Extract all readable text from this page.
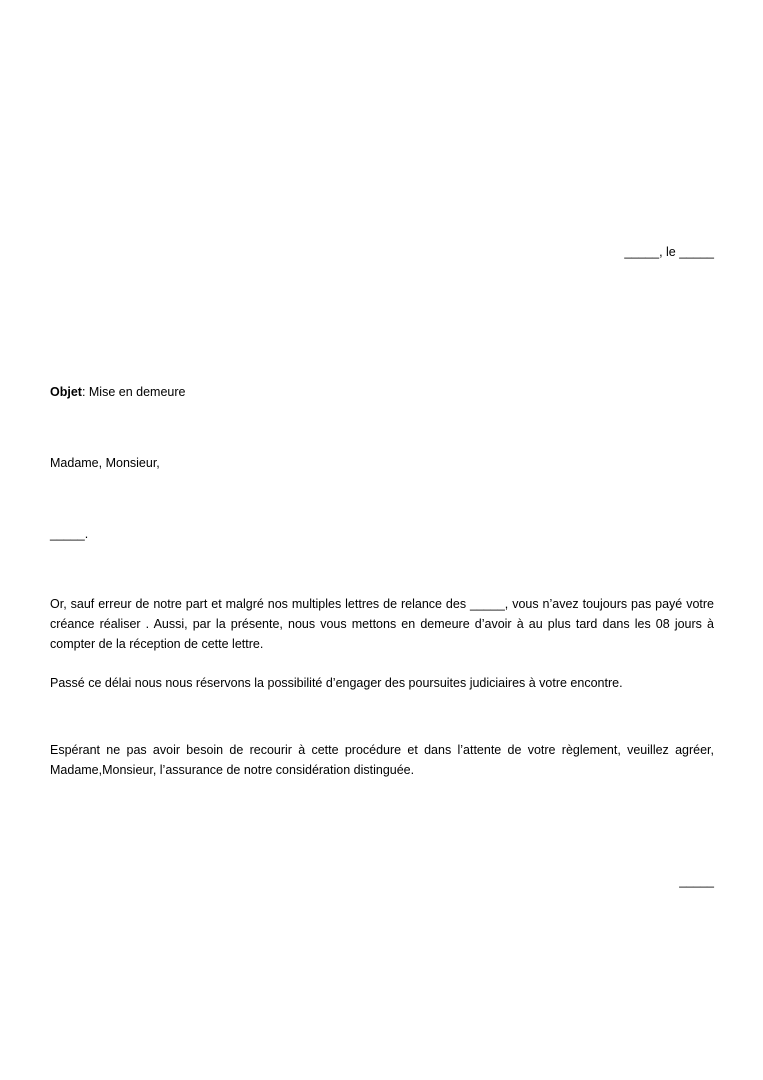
_____, le _____
Objet: Mise en demeure
Madame, Monsieur,
_____.

Or, sauf erreur de notre part et malgré nos multiples lettres de relance des _____, vous n’avez toujours pas payé votre créance réaliser . Aussi, par la présente, nous vous mettons en demeure d’avoir à au plus tard dans les 08 jours à compter de la réception de cette lettre.

Passé ce délai nous nous réservons la possibilité d’engager des poursuites judiciaires à votre encontre.

Espérant ne pas avoir besoin de recourir à cette procédure et dans l’attente de votre règlement, veuillez agréer, Madame,Monsieur, l’assurance de notre considération distinguée.

_____
